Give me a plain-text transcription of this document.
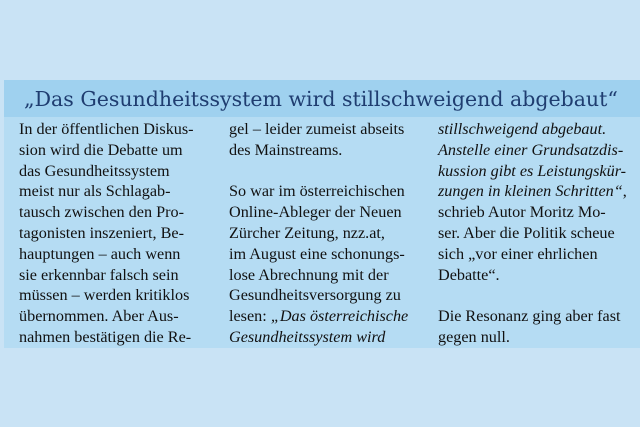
„Das Gesundheitssystem wird stillschweigend abgebaut“
In der öffentlichen Diskus-
sion wird die Debatte um
das Gesundheitssystem
meist nur als Schlagab-
tausch zwischen den Pro-
tagonisten inszeniert, Be-
hauptungen – auch wenn
sie erkennbar falsch sein
müssen – werden kritiklos
übernommen. Aber Aus-
nahmen bestätigen die Re-
gel – leider zumeist abseits
des Mainstreams.
So war im österreichischen
Online-Ableger der Neuen
Zürcher Zeitung, nzz.at,
im August eine schonungs-
lose Abrechnung mit der
Gesundheitsversorgung zu
lesen: „Das österreichische
Gesundheitssystem wird
stillschweigend abgebaut.
Anstelle einer Grundsatzdis-
kussion gibt es Leistungskür-
zungen in kleinen Schritten“,
schrieb Autor Moritz Mo-
ser. Aber die Politik scheue
sich „vor einer ehrlichen
Debatte“.
Die Resonanz ging aber fast
gegen null.
